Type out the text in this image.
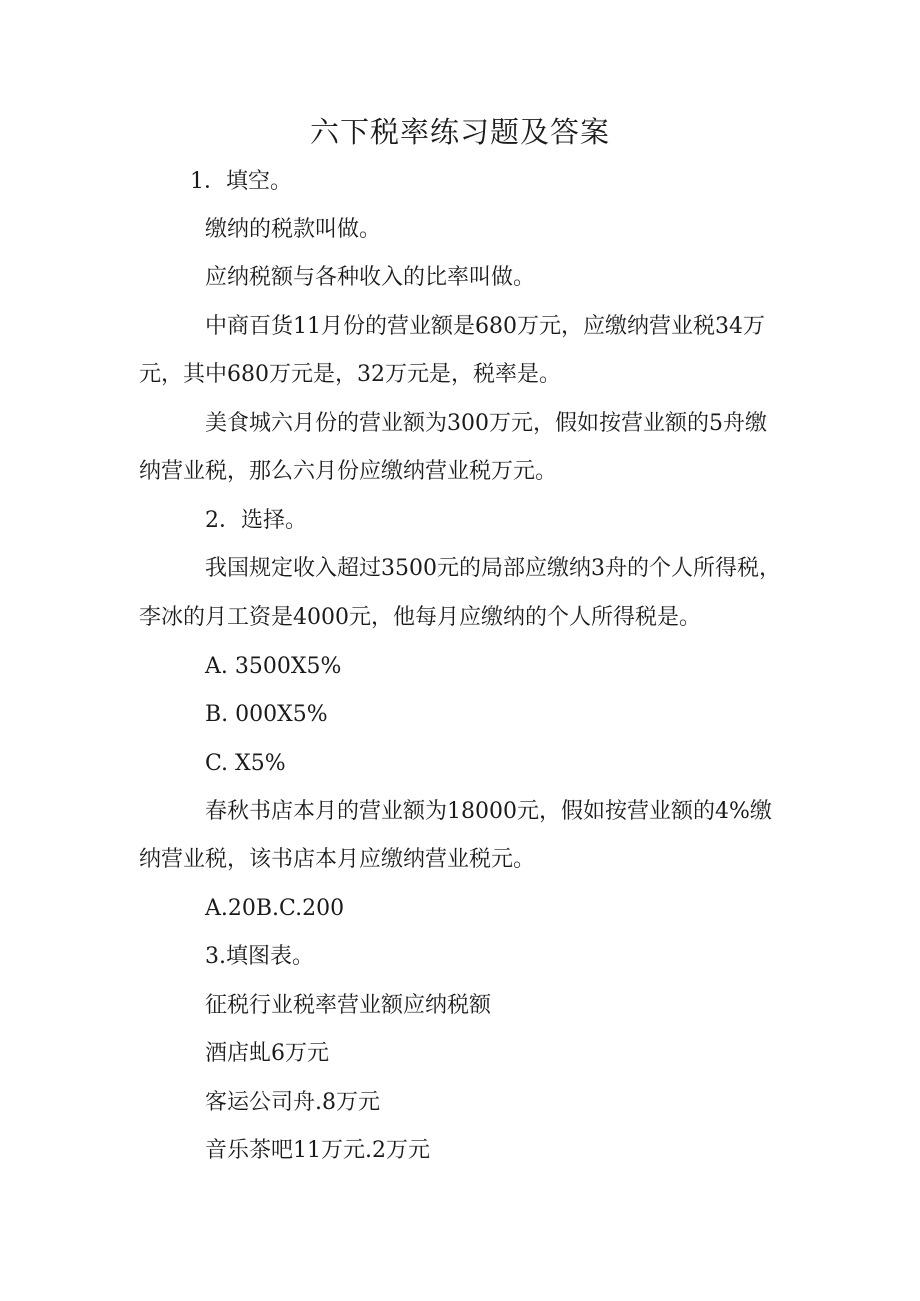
六下税率练习题及答案
1．填空。
缴纳的税款叫做。
应纳税额与各种收入的比率叫做。
中商百货11月份的营业额是680万元，应缴纳营业税34万
元，其中680万元是，32万元是，税率是。
美食城六月份的营业额为300万元，假如按营业额的5舟缴
纳营业税，那么六月份应缴纳营业税万元。
2．选择。
我国规定收入超过3500元的局部应缴纳3舟的个人所得税，
李冰的月工资是4000元，他每月应缴纳的个人所得税是。
A. 3500X5%
B. 000X5%
C. X5%
春秋书店本月的营业额为18000元，假如按营业额的4%缴
纳营业税，该书店本月应缴纳营业税元。
A.20B.C.200
3.填图表。
征税行业税率营业额应纳税额
酒店虬6万元
客运公司舟.8万元
音乐茶吧11万元.2万元
